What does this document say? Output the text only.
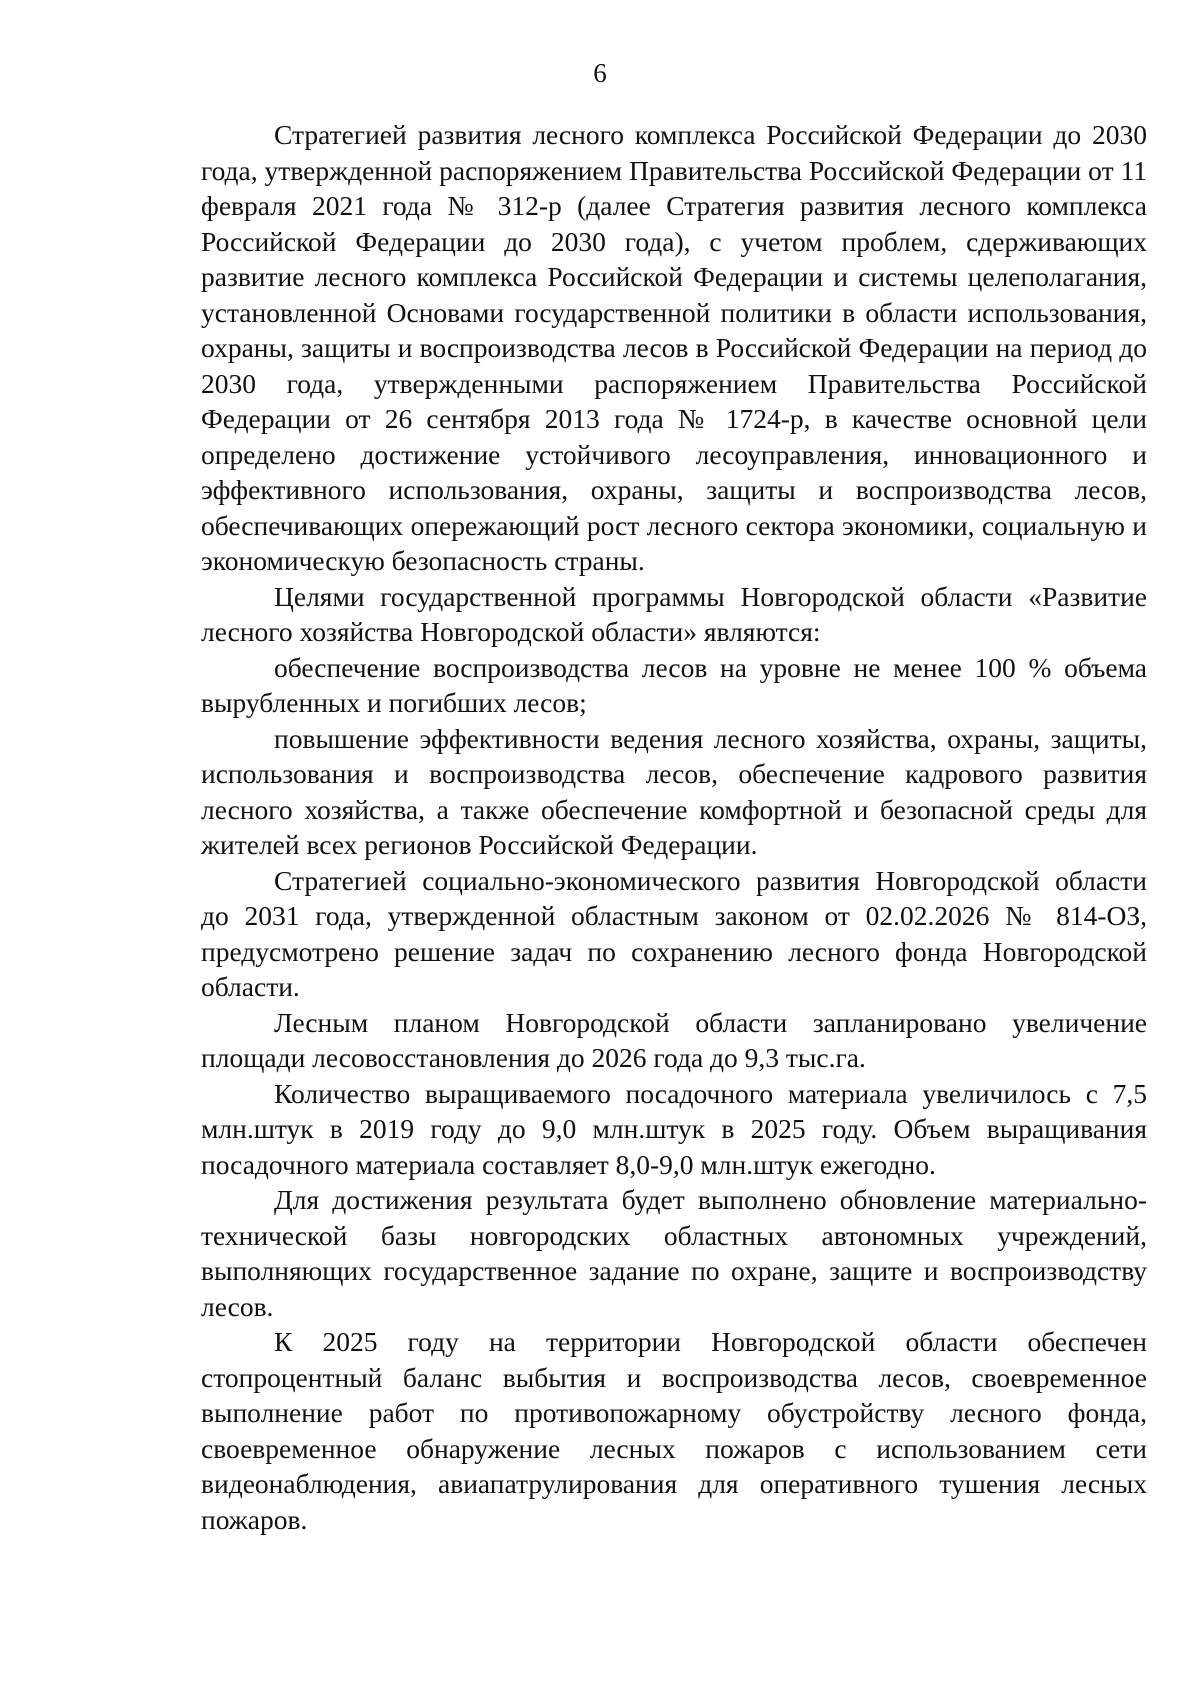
6

Стратегией развития лесного комплекса Российской Федерации до 2030 года, утвержденной распоряжением Правительства Российской Федерации от 11 февраля 2021 года № 312-р (далее Стратегия развития лесного комплекса Российской Федерации до 2030 года), с учетом проблем, сдерживающих развитие лесного комплекса Российской Федерации и системы целеполагания, установленной Основами государственной политики в области использования, охраны, защиты и воспроизводства лесов в Российской Федерации на период до 2030 года, утвержденными распоряжением Правительства Российской Федерации от 26 сентября 2013 года № 1724-р, в качестве основной цели определено достижение устойчивого лесоуправления, инновационного и эффективного использования, охраны, защиты и воспроизводства лесов, обеспечивающих опережающий рост лесного сектора экономики, социальную и экономическую безопасность страны.

Целями государственной программы Новгородской области «Развитие лесного хозяйства Новгородской области» являются:

обеспечение воспроизводства лесов на уровне не менее 100 % объема вырубленных и погибших лесов;

повышение эффективности ведения лесного хозяйства, охраны, защиты, использования и воспроизводства лесов, обеспечение кадрового развития лесного хозяйства, а также обеспечение комфортной и безопасной среды для жителей всех регионов Российской Федерации.

Стратегией социально-экономического развития Новгородской области до 2031 года, утвержденной областным законом от 02.02.2026 № 814-ОЗ, предусмотрено решение задач по сохранению лесного фонда Новгородской области.

Лесным планом Новгородской области запланировано увеличение площади лесовосстановления до 2026 года до 9,3 тыс.га.

Количество выращиваемого посадочного материала увеличилось с 7,5 млн.штук в 2019 году до 9,0 млн.штук в 2025 году. Объем выращивания посадочного материала составляет 8,0-9,0 млн.штук ежегодно.

Для достижения результата будет выполнено обновление материально-технической базы новгородских областных автономных учреждений, выполняющих государственное задание по охране, защите и воспроизводству лесов.

К 2025 году на территории Новгородской области обеспечен стопроцентный баланс выбытия и воспроизводства лесов, своевременное выполнение работ по противопожарному обустройству лесного фонда, своевременное обнаружение лесных пожаров с использованием сети видеонаблюдения, авиапатрулирования для оперативного тушения лесных пожаров.
